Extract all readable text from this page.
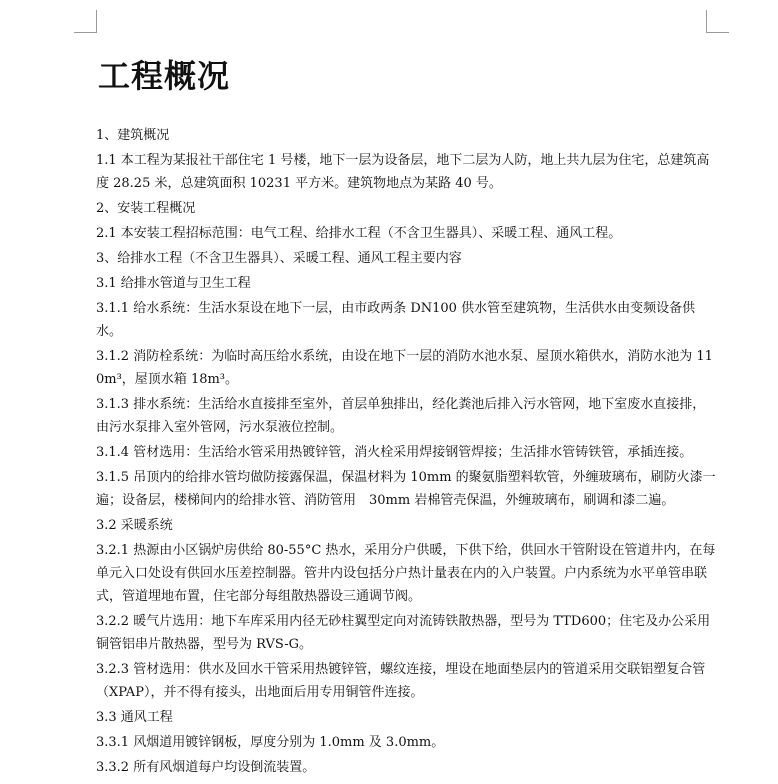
工程概况

1、建筑概况

1.1 本工程为某报社干部住宅 1 号楼，地下一层为设备层，地下二层为人防，地上共九层为住宅，总建筑高度 28.25 米，总建筑面积 10231 平方米。建筑物地点为某路 40 号。

2、安装工程概况

2.1 本安装工程招标范围：电气工程、给排水工程（不含卫生器具）、采暖工程、通风工程。

3、给排水工程（不含卫生器具）、采暖工程、通风工程主要内容

3.1 给排水管道与卫生工程

3.1.1 给水系统：生活水泵设在地下一层，由市政两条 DN100 供水管至建筑物，生活供水由变频设备供水。

3.1.2 消防栓系统：为临时高压给水系统，由设在地下一层的消防水池水泵、屋顶水箱供水，消防水池为 110m³，屋顶水箱 18m³。

3.1.3 排水系统：生活给水直接排至室外，首层单独排出，经化粪池后排入污水管网，地下室废水直接排，由污水泵排入室外管网，污水泵液位控制。

3.1.4 管材选用：生活给水管采用热镀锌管，消火栓采用焊接钢管焊接；生活排水管铸铁管，承插连接。

3.1.5 吊顶内的给排水管均做防接露保温，保温材料为 10mm 的聚氨脂塑料软管，外缠玻璃布，刷防火漆一遍；设备层，楼梯间内的给排水管、消防管用　30mm 岩棉管壳保温，外缠玻璃布，刷调和漆二遍。

3.2 采暖系统

3.2.1 热源由小区锅炉房供给 80-55°C 热水，采用分户供暖，下供下给，供回水干管附设在管道井内，在每单元入口处设有供回水压差控制器。管井内设包括分户热计量表在内的入户装置。户内系统为水平单管串联式，管道埋地布置，住宅部分每组散热器设三通调节阀。

3.2.2 暖气片选用：地下车库采用内径无砂柱翼型定向对流铸铁散热器，型号为 TTD600；住宅及办公采用铜管铝串片散热器，型号为 RVS-G。

3.2.3 管材选用：供水及回水干管采用热镀锌管，螺纹连接，埋设在地面垫层内的管道采用交联铝塑复合管（XPAP），并不得有接头，出地面后用专用铜管件连接。

3.3 通风工程

3.3.1 风烟道用镀锌钢板，厚度分别为 1.0mm 及 3.0mm。

3.3.2 所有风烟道每户均设倒流装置。
